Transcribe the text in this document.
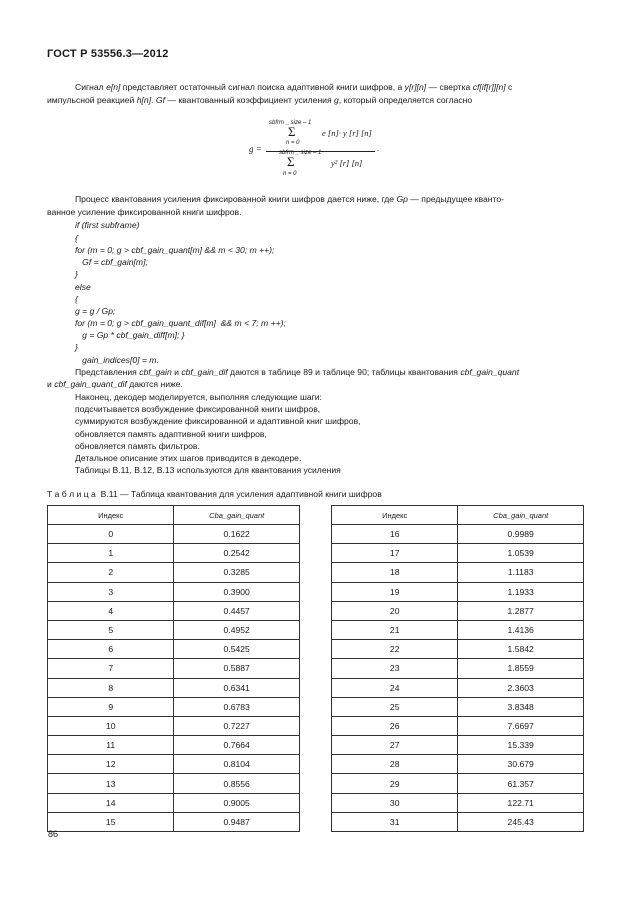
ГОСТ Р 53556.3—2012
Сигнал e[n] представляет остаточный сигнал поиска адаптивной книги шифров, а y[r][n] — свертка cf[if[r]][n] с
импульсной реакцией h[n]. Gf — квантованный коэффициент усиления g, который определяется согласно
g =
sbfrm _ size – 1
Σ
n = 0
e [n]· y [r] [n]
.
sbfrm _ size – 1
Σ
n = 0
y² [r] [n]
Процесс квантования усиления фиксированной книги шифров дается ниже, где Gp — предыдущее кванто-
ванное усиление фиксированной книги шифров.
if (first subframe)
{
for (m = 0; g > cbf_gain_quant[m] && m < 30; m ++);
Gf = cbf_gain[m];
}
else
{
g = g / Gp;
for (m = 0; g > cbf_gain_quant_dif[m]  && m < 7; m ++);
g = Gp * cbf_gain_diff[m]; }
}
gain_indices[0] = m.
Представления cbf_gain и cbf_gain_dif даются в таблице 89 и таблице 90; таблицы квантования cbf_gain_quant
и cbf_gain_quant_dif даются ниже.
Наконец, декодер моделируется, выполняя следующие шаги:
подсчитывается возбуждение фиксированной книги шифров,
суммируются возбуждение фиксированной и адаптивной книг шифров,
обновляется память адаптивной книги шифров,
обновляется память фильтров.
Детальное описание этих шагов приводится в декодере.
Таблицы В.11, В.12, В.13 используются для квантования усиления
Т а б л и ц а  В.11 — Таблица квантования для усиления адаптивной книги шифров
Индекс	Cba_gain_quant
0	0.1622
1	0.2542
2	0.3285
3	0.3900
4	0.4457
5	0.4952
6	0.5425
7	0.5887
8	0.6341
9	0.6783
10	0.7227
11	0.7664
12	0.8104
13	0.8556
14	0.9005
15	0.9487
Индекс	Cba_gain_quant
16	0.9989
17	1.0539
18	1.1183
19	1.1933
20	1.2877
21	1.4136
22	1.5842
23	1.8559
24	2.3603
25	3.8348
26	7.6697
27	15.339
28	30.679
29	61.357
30	122.71
31	245.43
86
